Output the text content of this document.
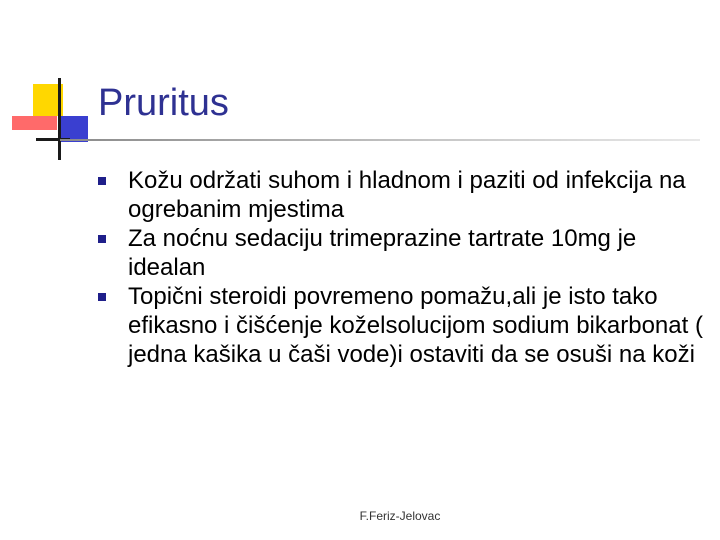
Pruritus
Kožu održati suhom i hladnom i paziti od infekcija na ogrebanim mjestima
Za noćnu sedaciju trimeprazine tartrate 10mg je idealan
Topični steroidi povremeno pomažu,ali je isto tako efikasno i čišćenje koželsolucijom sodium bikarbonat ( jedna kašika u čaši vode)i ostaviti da se osuši na koži
F.Feriz-Jelovac
